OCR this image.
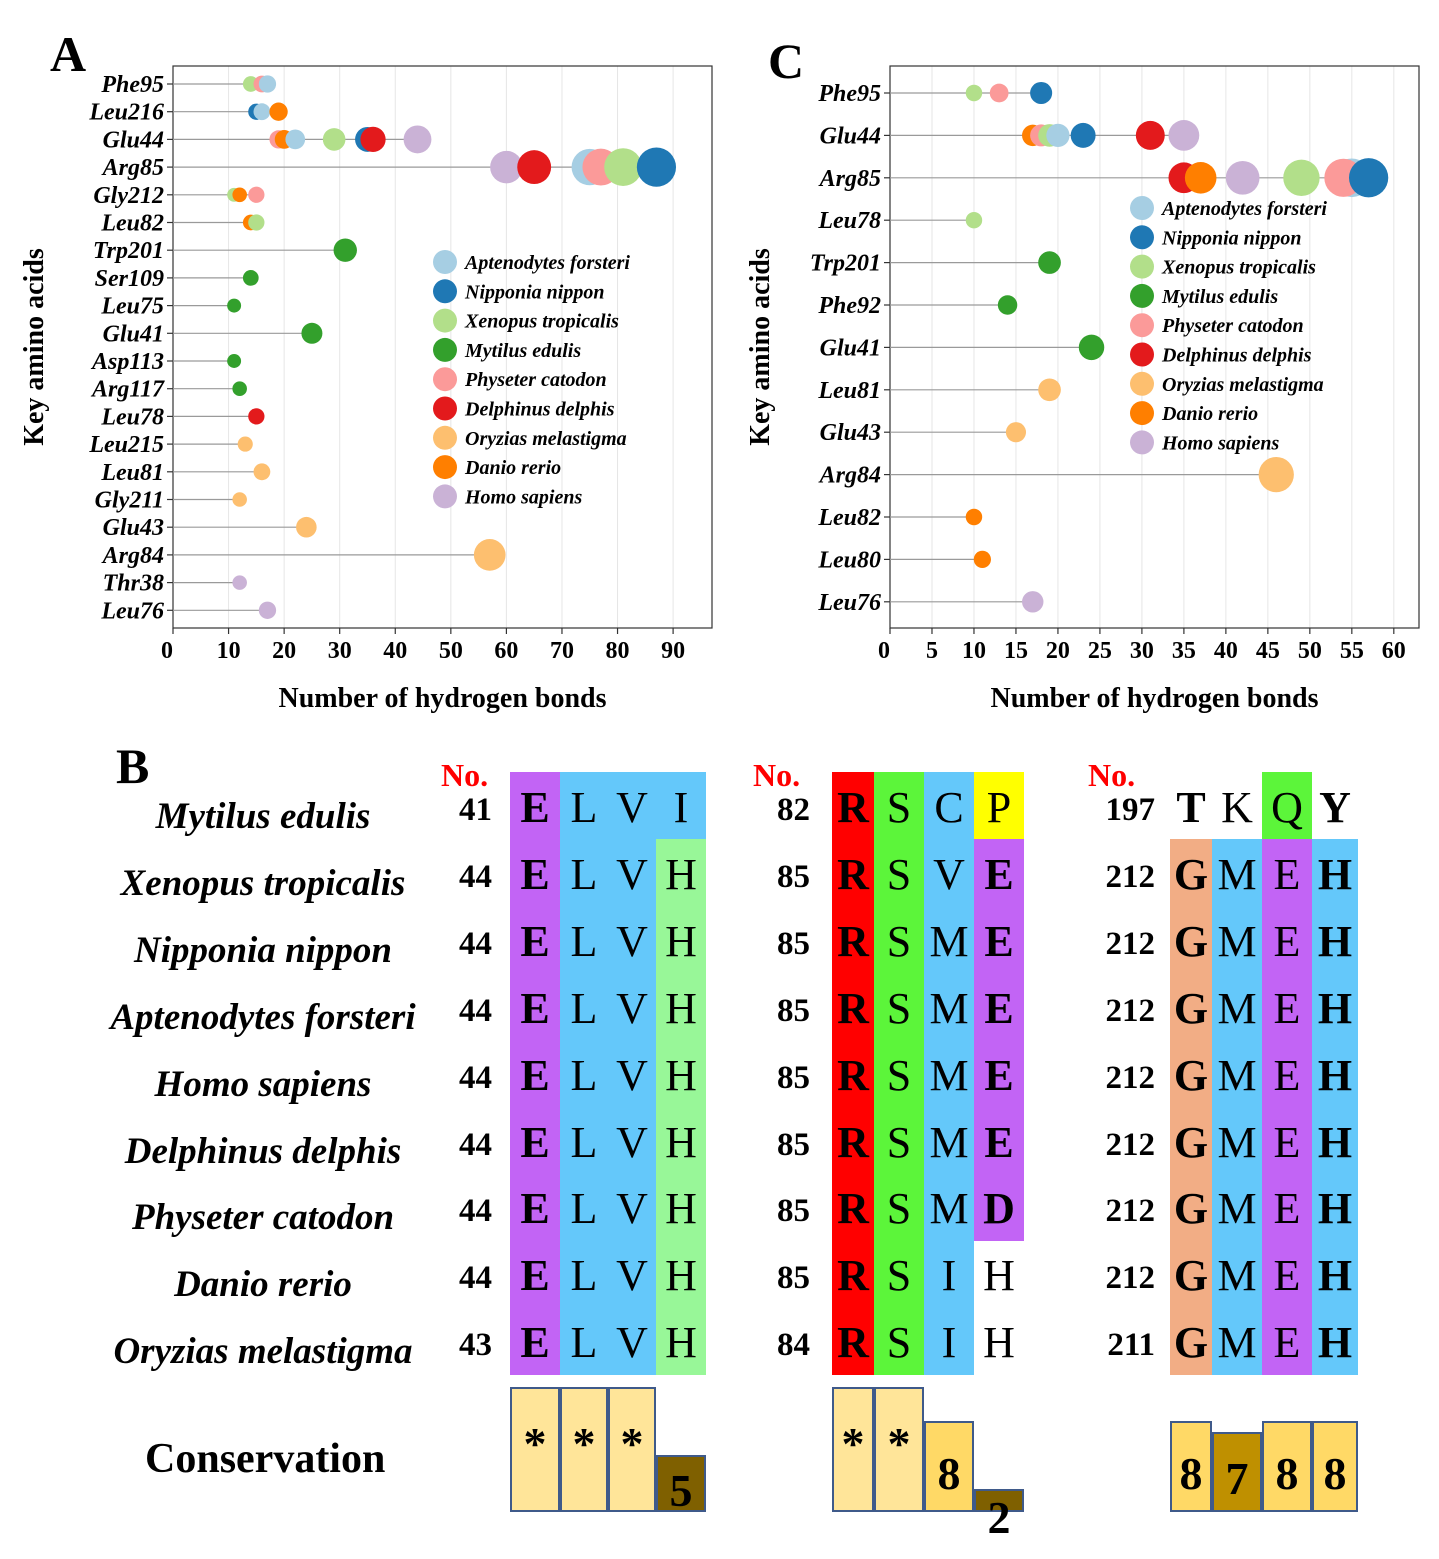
A
Phe95
Leu216
Glu44
Arg85
Gly212
Leu82
Trp201
Ser109
Leu75
Glu41
Asp113
Arg117
Leu78
Leu215
Leu81
Gly211
Glu43
Arg84
Thr38
Leu76
0 10 20 30 40 50 60 70 80 90
Number of hydrogen bonds
Key amino acids	Aptenodytes forsteri
Nipponia nippon
Xenopus tropicalis
Mytilus edulis
Physeter catodon
Delphinus delphis
Oryzias melastigma
Danio rerio
Homo sapiens
C
Phe95
Glu44
Arg85
Leu78
Trp201
Phe92
Glu41
Leu81
Glu43
Arg84
Leu82
Leu80
Leu76
0 5 10 15 20 25 30 35 40 45 50 55 60
Number of hydrogen bonds
Key amino acids
Aptenodytes forsteri
Nipponia nippon
Xenopus tropicalis
Mytilus edulis
Physeter catodon
Delphinus delphis
Oryzias melastigma
Danio rerio
Homo sapiens
B
Mytilus edulis
Xenopus tropicalis
Nipponia nippon
Aptenodytes forsteri
Homo sapiens
Delphinus delphis
Physeter catodon
Danio rerio
Oryzias melastigma
Conservation
No.
41 E L V I
44 E L V H
44 E L V H
44 E L V H
44 E L V H
44 E L V H
44 E L V H
44 E L V H
43 E L V H
* * *
5
No.
82 R S C P
85 R S V E
85 R S M E
85 R S M E
85 R S M E
85 R S M E
85 R S M D
85 R S I H
84 R S I H
* *
8
2
No.
197 T K Q Y
212 G M E H
212 G M E H
212 G M E H
212 G M E H
212 G M E H
212 G M E H
212 G M E H
211 G M E H
8 7 8 8
